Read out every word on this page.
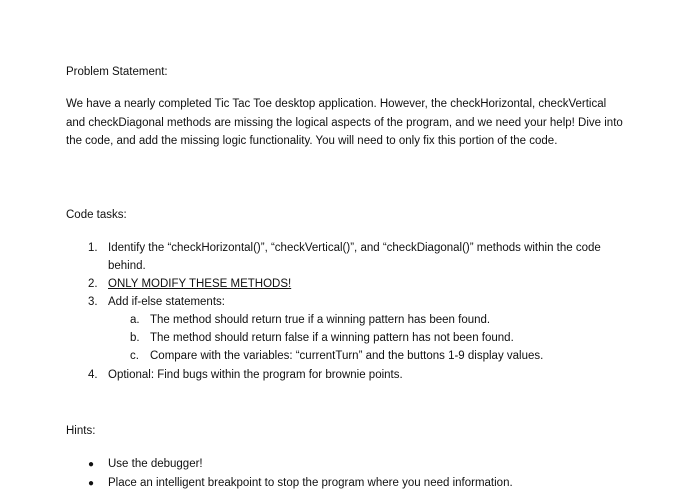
Problem Statement:

We have a nearly completed Tic Tac Toe desktop application. However, the checkHorizontal, checkVertical and checkDiagonal methods are missing the logical aspects of the program, and we need your help! Dive into the code, and add the missing logic functionality. You will need to only fix this portion of the code.

Code tasks:

1. Identify the “checkHorizontal()”, “checkVertical()”, and “checkDiagonal()” methods within the code behind.
2. ONLY MODIFY THESE METHODS!
3. Add if-else statements:
a. The method should return true if a winning pattern has been found.
b. The method should return false if a winning pattern has not been found.
c. Compare with the variables: “currentTurn” and the buttons 1-9 display values.
4. Optional: Find bugs within the program for brownie points.

Hints:

● Use the debugger!
● Place an intelligent breakpoint to stop the program where you need information.
